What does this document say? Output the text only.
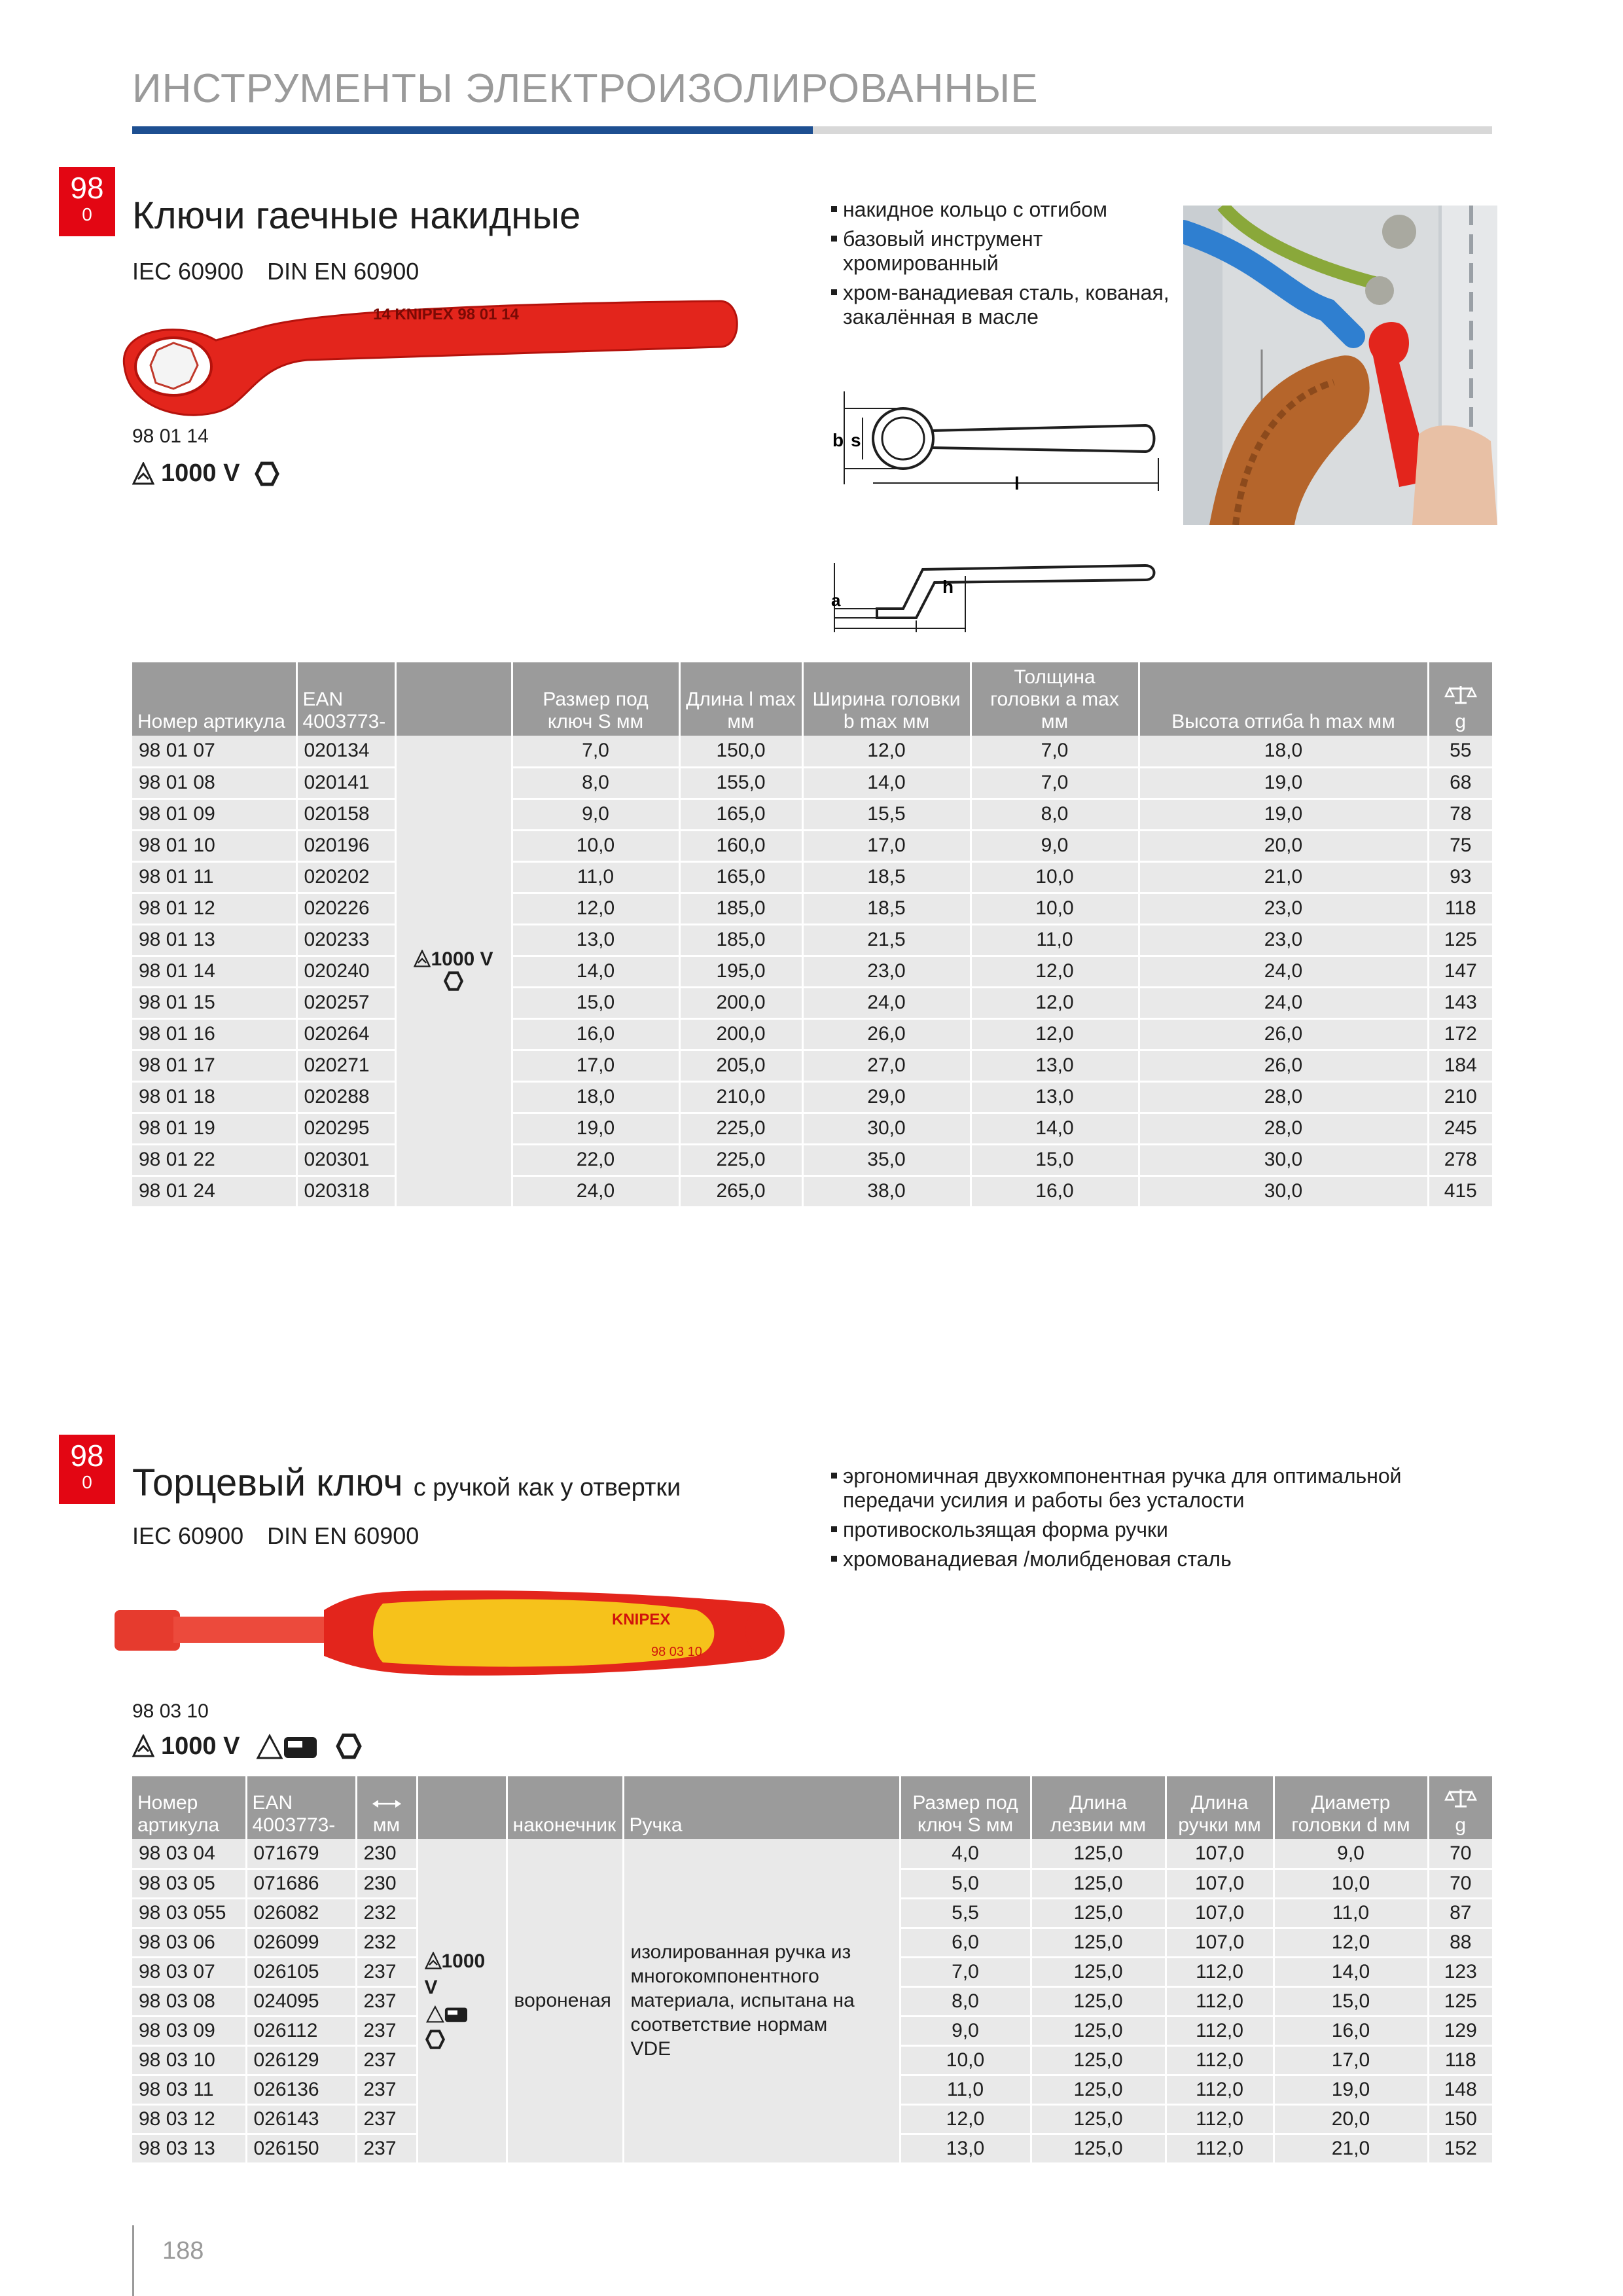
ИНСТРУМЕНТЫ ЭЛЕКТРОИЗОЛИРОВАННЫЕ
98
0	Ключи гаечные накидные
IEC 60900 DIN EN 60900
14 KNIPEX 98 01 14
98 01 14
1000 V
накидное кольцо с отгибом
базовый инструмент хромированный
хром-ванадиевая сталь, кованая, закалённая в масле
b s
l
a
h
Номер артикула	EAN 4003773-		Размер под ключ S мм	Длина l max мм	Ширина головки b max мм	Толщина головки a max мм	Высота отгиба h max мм	g
98 01 07	020134	1000 V	7,0	150,0	12,0	7,0	18,0	55
98 01 08	020141		8,0	155,0	14,0	7,0	19,0	68
98 01 09	020158		9,0	165,0	15,5	8,0	19,0	78
98 01 10	020196		10,0	160,0	17,0	9,0	20,0	75
98 01 11	020202		11,0	165,0	18,5	10,0	21,0	93
98 01 12	020226		12,0	185,0	18,5	10,0	23,0	118
98 01 13	020233		13,0	185,0	21,5	11,0	23,0	125
98 01 14	020240		14,0	195,0	23,0	12,0	24,0	147
98 01 15	020257		15,0	200,0	24,0	12,0	24,0	143
98 01 16	020264		16,0	200,0	26,0	12,0	26,0	172
98 01 17	020271		17,0	205,0	27,0	13,0	26,0	184
98 01 18	020288		18,0	210,0	29,0	13,0	28,0	210
98 01 19	020295		19,0	225,0	30,0	14,0	28,0	245
98 01 22	020301		22,0	225,0	35,0	15,0	30,0	278
98 01 24	020318		24,0	265,0	38,0	16,0	30,0	415
98
0	Торцевый ключ с ручкой как у отвертки
IEC 60900 DIN EN 60900
KNIPEX
98 03 10
98 03 10
1000 V
эргономичная двухкомпонентная ручка для оптимальной передачи усилия и работы без усталости
противоскользящая форма ручки
хромованадиевая /молибденовая сталь
Номер артикула	EAN 4003773-	мм		наконечник	Ручка	Размер под ключ S мм	Длина лезвии мм	Длина ручки мм	Диаметр головки d мм	g
98 03 04	071679	230	1000 V	вороненая	изолированная ручка из многокомпонентного материала, испытана на соответствие нормам VDE	4,0	125,0	107,0	9,0	70
98 03 05	071686	230				5,0	125,0	107,0	10,0	70
98 03 055	026082	232				5,5	125,0	107,0	11,0	87
98 03 06	026099	232				6,0	125,0	107,0	12,0	88
98 03 07	026105	237				7,0	125,0	112,0	14,0	123
98 03 08	024095	237				8,0	125,0	112,0	15,0	125
98 03 09	026112	237				9,0	125,0	112,0	16,0	129
98 03 10	026129	237				10,0	125,0	112,0	17,0	118
98 03 11	026136	237				11,0	125,0	112,0	19,0	148
98 03 12	026143	237				12,0	125,0	112,0	20,0	150
98 03 13	026150	237				13,0	125,0	112,0	21,0	152
188
